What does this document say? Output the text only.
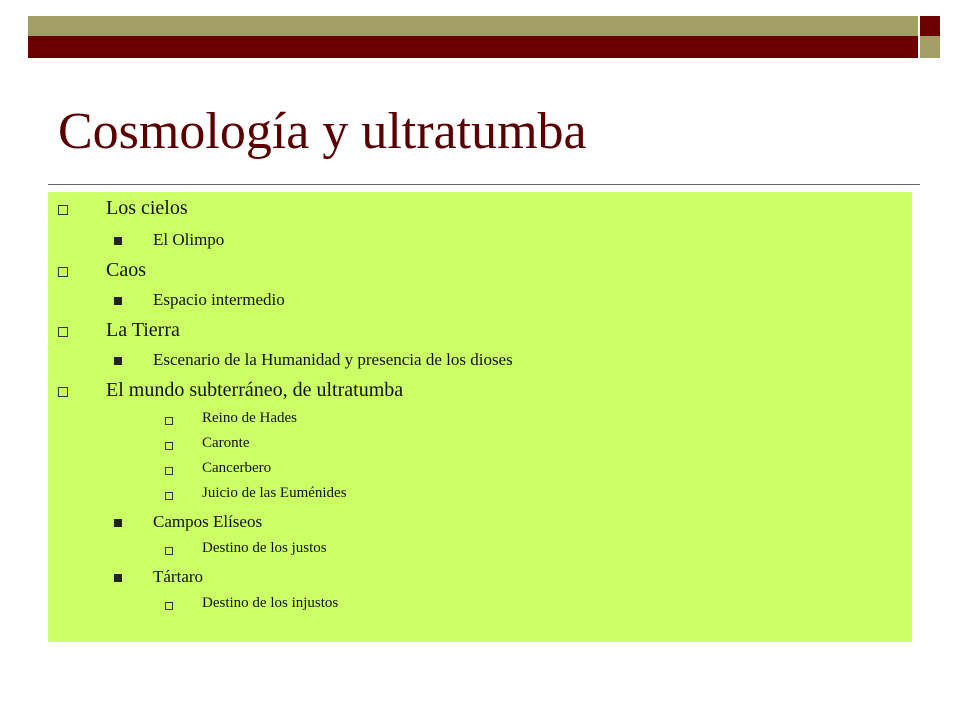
Cosmología y ultratumba
Los cielos
El Olimpo
Caos
Espacio intermedio
La Tierra
Escenario de la Humanidad y presencia de los dioses
El mundo subterráneo, de ultratumba
Reino de Hades
Caronte
Cancerbero
Juicio de las Euménides
Campos Elíseos
Destino de los justos
Tártaro
Destino de los injustos
